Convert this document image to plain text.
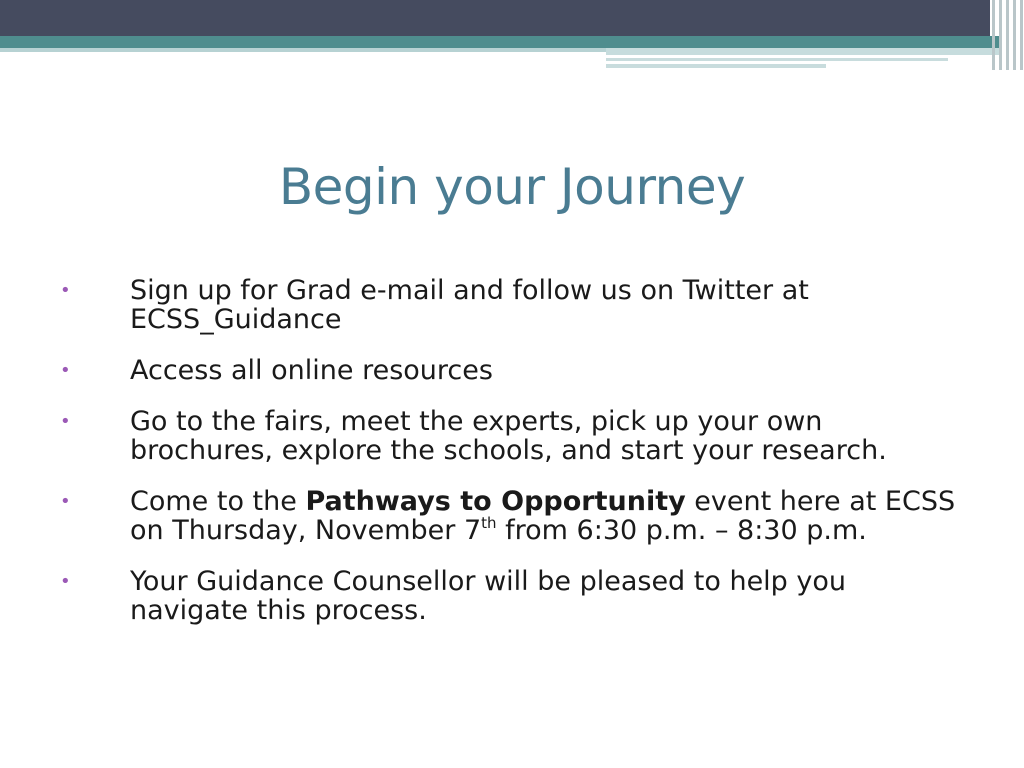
Begin your Journey
• Sign up for Grad e-mail and follow us on Twitter at ECSS_Guidance
• Access all online resources
• Go to the fairs, meet the experts, pick up your own brochures, explore the schools, and start your research.
• Come to the Pathways to Opportunity event here at ECSS on Thursday, November 7th from 6:30 p.m. – 8:30 p.m.
• Your Guidance Counsellor will be pleased to help you navigate this process.
